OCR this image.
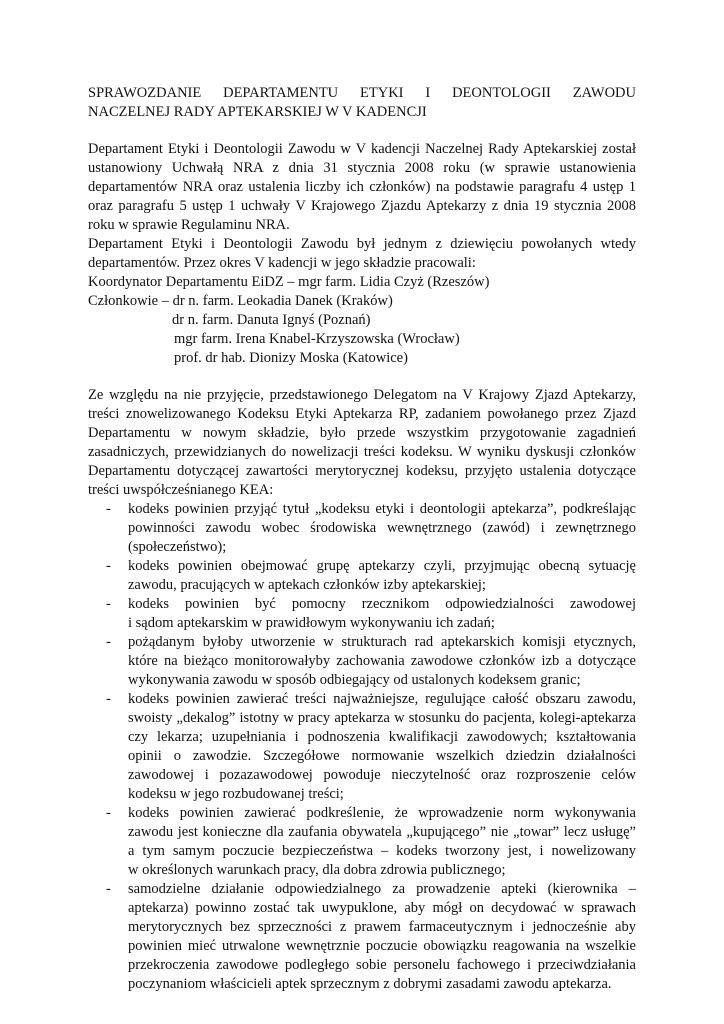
SPRAWOZDANIE DEPARTAMENTU ETYKI I DEONTOLOGII ZAWODU
NACZELNEJ RADY APTEKARSKIEJ W V KADENCJI
Departament Etyki i Deontologii Zawodu w V kadencji Naczelnej Rady Aptekarskiej został
ustanowiony Uchwałą NRA z dnia 31 stycznia 2008 roku (w sprawie ustanowienia
departamentów NRA oraz ustalenia liczby ich członków) na podstawie paragrafu 4 ustęp 1
oraz paragrafu 5 ustęp 1 uchwały V Krajowego Zjazdu Aptekarzy z dnia 19 stycznia 2008
roku w sprawie Regulaminu NRA.
Departament Etyki i Deontologii Zawodu był jednym z dziewięciu powołanych wtedy
departamentów. Przez okres V kadencji w jego składzie pracowali:
Koordynator Departamentu EiDZ – mgr farm. Lidia Czyż (Rzeszów)
Członkowie – dr n. farm. Leokadia Danek (Kraków)
dr n. farm. Danuta Ignyś (Poznań)
mgr farm. Irena Knabel-Krzyszowska (Wrocław)
prof. dr hab. Dionizy Moska (Katowice)
Ze względu na nie przyjęcie, przedstawionego Delegatom na V Krajowy Zjazd Aptekarzy,
treści znowelizowanego Kodeksu Etyki Aptekarza RP, zadaniem powołanego przez Zjazd
Departamentu w nowym składzie, było przede wszystkim przygotowanie zagadnień
zasadniczych, przewidzianych do nowelizacji treści kodeksu. W wyniku dyskusji członków
Departamentu dotyczącej zawartości merytorycznej kodeksu, przyjęto ustalenia dotyczące
treści uwspółcześnianego KEA:
- kodeks powinien przyjąć tytuł „kodeksu etyki i deontologii aptekarza”, podkreślając
powinności zawodu wobec środowiska wewnętrznego (zawód) i zewnętrznego
(społeczeństwo);
- kodeks powinien obejmować grupę aptekarzy czyli, przyjmując obecną sytuację
zawodu, pracujących w aptekach członków izby aptekarskiej;
- kodeks powinien być pomocny rzecznikom odpowiedzialności zawodowej
i sądom aptekarskim w prawidłowym wykonywaniu ich zadań;
- pożądanym byłoby utworzenie w strukturach rad aptekarskich komisji etycznych,
które na bieżąco monitorowałyby zachowania zawodowe członków izb a dotyczące
wykonywania zawodu w sposób odbiegający od ustalonych kodeksem granic;
- kodeks powinien zawierać treści najważniejsze, regulujące całość obszaru zawodu,
swoisty „dekalog” istotny w pracy aptekarza w stosunku do pacjenta, kolegi-aptekarza
czy lekarza; uzupełniania i podnoszenia kwalifikacji zawodowych; kształtowania
opinii o zawodzie. Szczegółowe normowanie wszelkich dziedzin działalności
zawodowej i pozazawodowej powoduje nieczytelność oraz rozproszenie celów
kodeksu w jego rozbudowanej treści;
- kodeks powinien zawierać podkreślenie, że wprowadzenie norm wykonywania
zawodu jest konieczne dla zaufania obywatela „kupującego” nie „towar” lecz usługę”
a tym samym poczucie bezpieczeństwa – kodeks tworzony jest, i nowelizowany
w określonych warunkach pracy, dla dobra zdrowia publicznego;
- samodzielne działanie odpowiedzialnego za prowadzenie apteki (kierownika –
aptekarza) powinno zostać tak uwypuklone, aby mógł on decydować w sprawach
merytorycznych bez sprzeczności z prawem farmaceutycznym i jednocześnie aby
powinien mieć utrwalone wewnętrznie poczucie obowiązku reagowania na wszelkie
przekroczenia zawodowe podległego sobie personelu fachowego i przeciwdziałania
poczynaniom właścicieli aptek sprzecznym z dobrymi zasadami zawodu aptekarza.
